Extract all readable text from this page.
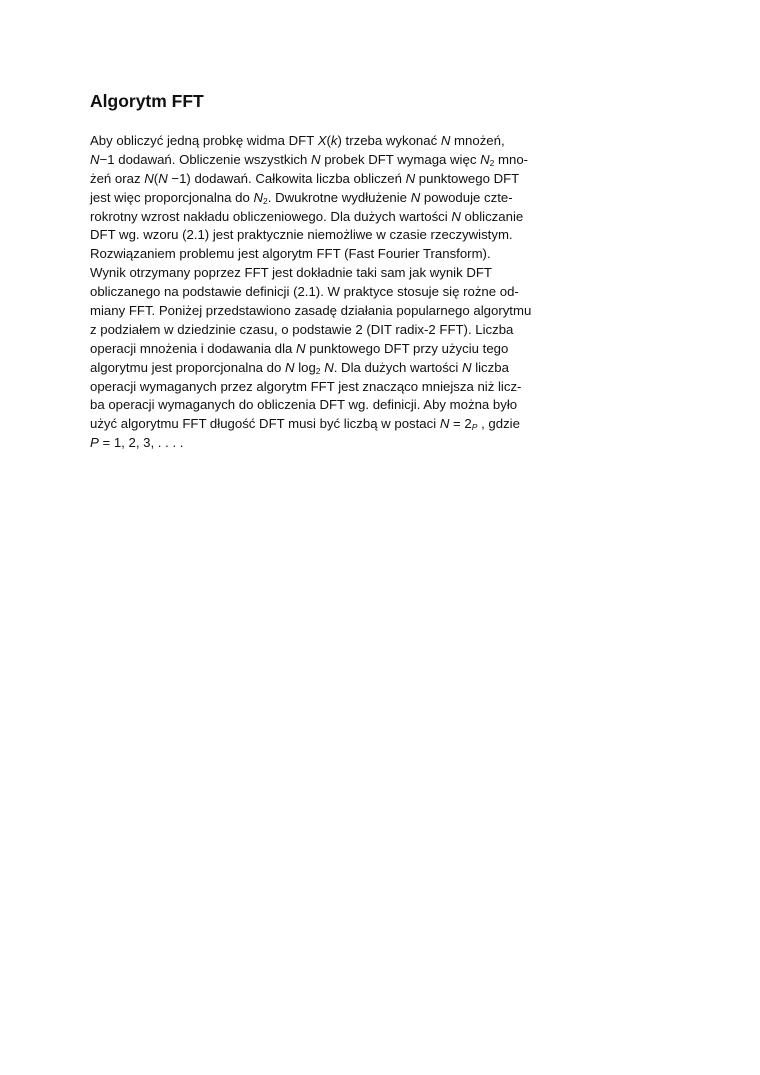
Algorytm FFT
Aby obliczyć jedną probkę widma DFT X(k) trzeba wykonać N mnożeń,
N−1 dodawań. Obliczenie wszystkich N probek DFT wymaga więc N2 mno-
żeń oraz N(N −1) dodawań. Całkowita liczba obliczeń N punktowego DFT
jest więc proporcjonalna do N2. Dwukrotne wydłużenie N powoduje czte-
rokrotny wzrost nakładu obliczeniowego. Dla dużych wartości N obliczanie
DFT wg. wzoru (2.1) jest praktycznie niemożliwe w czasie rzeczywistym.
Rozwiązaniem problemu jest algorytm FFT (Fast Fourier Transform).
Wynik otrzymany poprzez FFT jest dokładnie taki sam jak wynik DFT
obliczanego na podstawie definicji (2.1). W praktyce stosuje się rożne od-
miany FFT. Poniżej przedstawiono zasadę działania popularnego algorytmu
z podziałem w dziedzinie czasu, o podstawie 2 (DIT radix-2 FFT). Liczba
operacji mnożenia i dodawania dla N punktowego DFT przy użyciu tego
algorytmu jest proporcjonalna do N log2 N. Dla dużych wartości N liczba
operacji wymaganych przez algorytm FFT jest znacząco mniejsza niż licz-
ba operacji wymaganych do obliczenia DFT wg. definicji. Aby można było
użyć algorytmu FFT długość DFT musi być liczbą w postaci N = 2P , gdzie
P = 1, 2, 3, . . . .
